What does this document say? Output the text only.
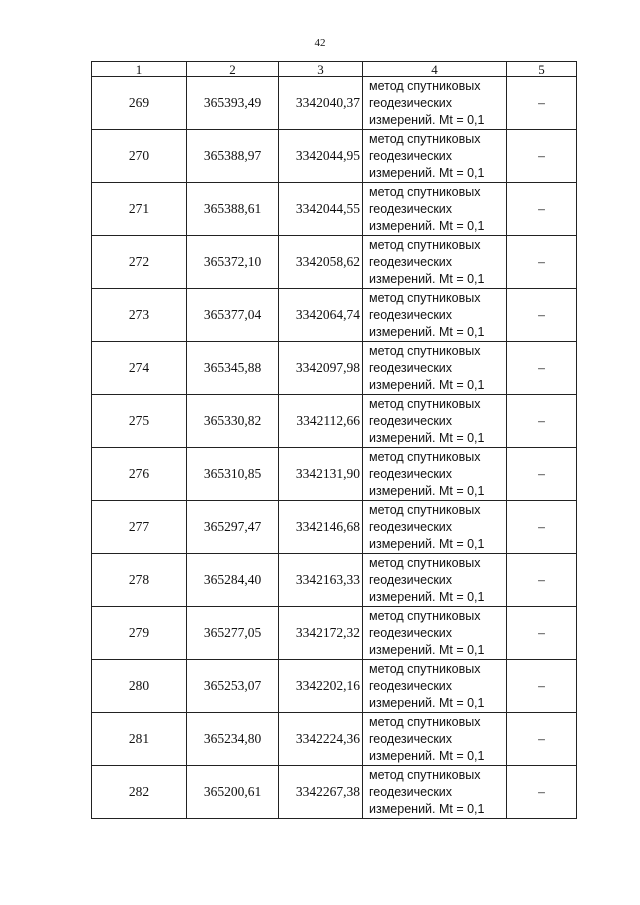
42
1	2	3	4	5
269	365393,49	3342040,37	метод спутниковых
геодезических
измерений. Mt = 0,1	–
270	365388,97	3342044,95	метод спутниковых
геодезических
измерений. Mt = 0,1	–
271	365388,61	3342044,55	метод спутниковых
геодезических
измерений. Mt = 0,1	–
272	365372,10	3342058,62	метод спутниковых
геодезических
измерений. Mt = 0,1	–
273	365377,04	3342064,74	метод спутниковых
геодезических
измерений. Mt = 0,1	–
274	365345,88	3342097,98	метод спутниковых
геодезических
измерений. Mt = 0,1	–
275	365330,82	3342112,66	метод спутниковых
геодезических
измерений. Mt = 0,1	–
276	365310,85	3342131,90	метод спутниковых
геодезических
измерений. Mt = 0,1	–
277	365297,47	3342146,68	метод спутниковых
геодезических
измерений. Mt = 0,1	–
278	365284,40	3342163,33	метод спутниковых
геодезических
измерений. Mt = 0,1	–
279	365277,05	3342172,32	метод спутниковых
геодезических
измерений. Mt = 0,1	–
280	365253,07	3342202,16	метод спутниковых
геодезических
измерений. Mt = 0,1	–
281	365234,80	3342224,36	метод спутниковых
геодезических
измерений. Mt = 0,1	–
282	365200,61	3342267,38	метод спутниковых
геодезических
измерений. Mt = 0,1	–
